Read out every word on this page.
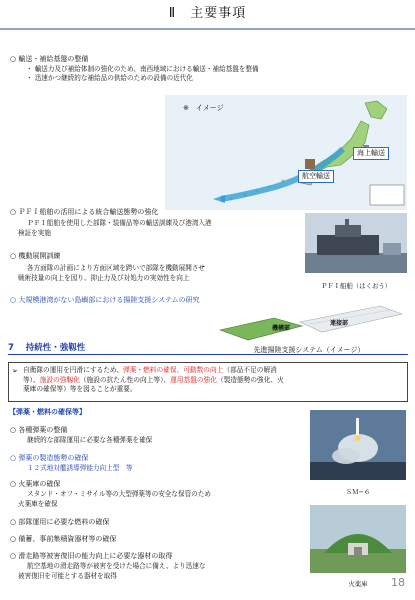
Ⅱ　主要事項
○ 輸送・補給基盤の整備
・ 輸送力及び補給体制の強化のため、南西地域における輸送・補給基盤を整備
・ 迅速かつ継続的な補給品の供給のための設備の近代化
※　イメージ
海上輸送
航空輸送
○ ＰＦＩ船舶の活用による統合輸送態勢の強化
ＰＦＩ船舶を使用した部隊・装備品等の輸送訓練及び港湾入港
検証を実施
ＰＦＩ船舶（はくおう）
○ 機動展開訓練
各方面隊の計画により方面区域を跨いで部隊を機動展開させ
戦術技量の向上を図り、抑止力及び対処力の実効性を向上
○ 大規模港湾がない島嶼部における揚陸支援システムの研究
機構部
連接部
先進揚陸支援システム（イメージ）
7 持続性・強靱性
自衛隊の運用を円滑にするため、弾薬・燃料の確保、可動数の向上（部品不足の解消
等）、施設の強靱化（施設の抗たん性の向上等）、運用基盤の強化（製造態勢の強化、火
薬庫の確保等）等を図ることが重要。
➢
【弾薬・燃料の確保等】
○ 各種弾薬の整備
継続的な部隊運用に必要な各種弾薬を確保
○ 弾薬の製造態勢の確保
１２式地対艦誘導弾能力向上型　等
○ 火薬庫の確保
スタンド・オフ・ミサイル等の大型弾薬等の安全な保管のため
火薬庫を確保
○ 部隊運用に必要な燃料の確保
○ 備蓄、事前集積資器材等の確保
○ 滑走路等被害復旧の能力向上に必要な器材の取得
航空基地の滑走路等が被害を受けた場合に備え、より迅速な
被害復旧を可能とする器材を取得
ＳＭ−６
火薬庫	18
